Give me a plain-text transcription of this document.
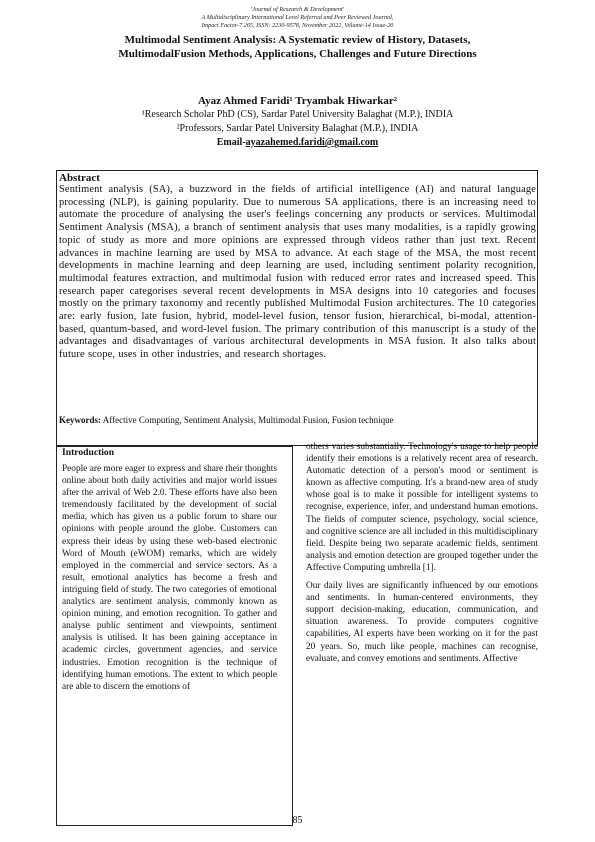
'Journal of Research & Development'
A Multidisciplinary International Level Referred and Peer Reviewed Journal,
Impact Factor-7.265, ISSN: 2230-9578, November 2022, Volume-14 Issue-20
Multimodal Sentiment Analysis: A Systematic review of History, Datasets, MultimodalFusion Methods, Applications, Challenges and Future Directions
Ayaz Ahmed Faridi¹ Tryambak Hiwarkar²
¹Research Scholar PhD (CS), Sardar Patel University Balaghat (M.P.), INDIA
²Professors, Sardar Patel University Balaghat (M.P.), INDIA
Email-ayazahemed.faridi@gmail.com
Abstract
Sentiment analysis (SA), a buzzword in the fields of artificial intelligence (AI) and natural language processing (NLP), is gaining popularity. Due to numerous SA applications, there is an increasing need to automate the procedure of analysing the user's feelings concerning any products or services. Multimodal Sentiment Analysis (MSA), a branch of sentiment analysis that uses many modalities, is a rapidly growing topic of study as more and more opinions are expressed through videos rather than just text. Recent advances in machine learning are used by MSA to advance. At each stage of the MSA, the most recent developments in machine learning and deep learning are used, including sentiment polarity recognition, multimodal features extraction, and multimodal fusion with reduced error rates and increased speed. This research paper categorises several recent developments in MSA designs into 10 categories and focuses mostly on the primary taxonomy and recently published Multimodal Fusion architectures. The 10 categories are: early fusion, late fusion, hybrid, model-level fusion, tensor fusion, hierarchical, bi-modal, attention-based, quantum-based, and word-level fusion. The primary contribution of this manuscript is a study of the advantages and disadvantages of various architectural developments in MSA fusion. It also talks about future scope, uses in other industries, and research shortages.
Keywords: Affective Computing, Sentiment Analysis, Multimodal Fusion, Fusion technique
Introduction

People are more eager to express and share their thoughts online about both daily activities and major world issues after the arrival of Web 2.0. These efforts have also been tremendously facilitated by the development of social media, which has given us a public forum to share our opinions with people around the globe. Customers can express their ideas by using these web-based electronic Word of Mouth (eWOM) remarks, which are widely employed in the commercial and service sectors. As a result, emotional analytics has become a fresh and intriguing field of study. The two categories of emotional analytics are sentiment analysis, commonly known as opinion mining, and emotion recognition. To gather and analyse public sentiment and viewpoints, sentiment analysis is utilised. It has been gaining acceptance in academic circles, government agencies, and service industries. Emotion recognition is the technique of identifying human emotions. The extent to which people are able to discern the emotions of

others varies substantially. Technology's usage to help people identify their emotions is a relatively recent area of research. Automatic detection of a person's mood or sentiment is known as affective computing. It's a brand-new area of study whose goal is to make it possible for intelligent systems to recognise, experience, infer, and understand human emotions. The fields of computer science, psychology, social science, and cognitive science are all included in this multidisciplinary field. Despite being two separate academic fields, sentiment analysis and emotion detection are grouped together under the Affective Computing umbrella [1].

Our daily lives are significantly influenced by our emotions and sentiments. In human-centered environments, they support decision-making, education, communication, and situation awareness. To provide computers cognitive capabilities, AI experts have been working on it for the past 20 years. So, much like people, machines can recognise, evaluate, and convey emotions and sentiments. Affective

85
